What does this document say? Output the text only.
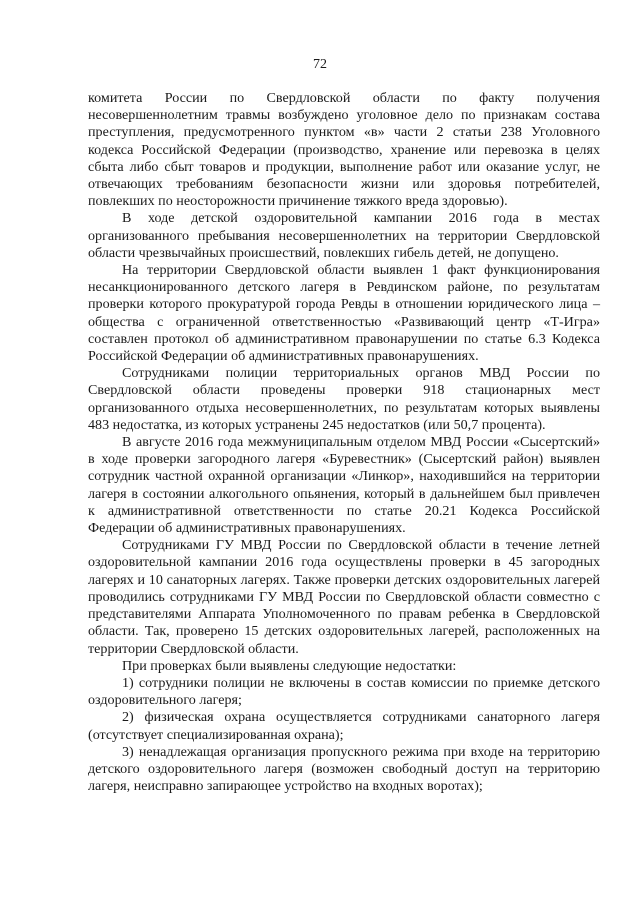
72

комитета России по Свердловской области по факту получения несовершеннолетним травмы возбуждено уголовное дело по признакам состава преступления, предусмотренного пунктом «в» части 2 статьи 238 Уголовного кодекса Российской Федерации (производство, хранение или перевозка в целях сбыта либо сбыт товаров и продукции, выполнение работ или оказание услуг, не отвечающих требованиям безопасности жизни или здоровья потребителей, повлекших по неосторожности причинение тяжкого вреда здоровью).

В ходе детской оздоровительной кампании 2016 года в местах организованного пребывания несовершеннолетних на территории Свердловской области чрезвычайных происшествий, повлекших гибель детей, не допущено.

На территории Свердловской области выявлен 1 факт функционирования несанкционированного детского лагеря в Ревдинском районе, по результатам проверки которого прокуратурой города Ревды в отношении юридического лица – общества с ограниченной ответственностью «Развивающий центр «Т-Игра» составлен протокол об административном правонарушении по статье 6.3 Кодекса Российской Федерации об административных правонарушениях.

Сотрудниками полиции территориальных органов МВД России по Свердловской области проведены проверки 918 стационарных мест организованного отдыха несовершеннолетних, по результатам которых выявлены 483 недостатка, из которых устранены 245 недостатков (или 50,7 процента).

В августе 2016 года межмуниципальным отделом МВД России «Сысертский» в ходе проверки загородного лагеря «Буревестник» (Сысертский район) выявлен сотрудник частной охранной организации «Линкор», находившийся на территории лагеря в состоянии алкогольного опьянения, который в дальнейшем был привлечен к административной ответственности по статье 20.21 Кодекса Российской Федерации об административных правонарушениях.

Сотрудниками ГУ МВД России по Свердловской области в течение летней оздоровительной кампании 2016 года осуществлены проверки в 45 загородных лагерях и 10 санаторных лагерях. Также проверки детских оздоровительных лагерей проводились сотрудниками ГУ МВД России по Свердловской области совместно с представителями Аппарата Уполномоченного по правам ребенка в Свердловской области. Так, проверено 15 детских оздоровительных лагерей, расположенных на территории Свердловской области.

При проверках были выявлены следующие недостатки:

1) сотрудники полиции не включены в состав комиссии по приемке детского оздоровительного лагеря;

2) физическая охрана осуществляется сотрудниками санаторного лагеря (отсутствует специализированная охрана);

3) ненадлежащая организация пропускного режима при входе на территорию детского оздоровительного лагеря (возможен свободный доступ на территорию лагеря, неисправно запирающее устройство на входных воротах);
